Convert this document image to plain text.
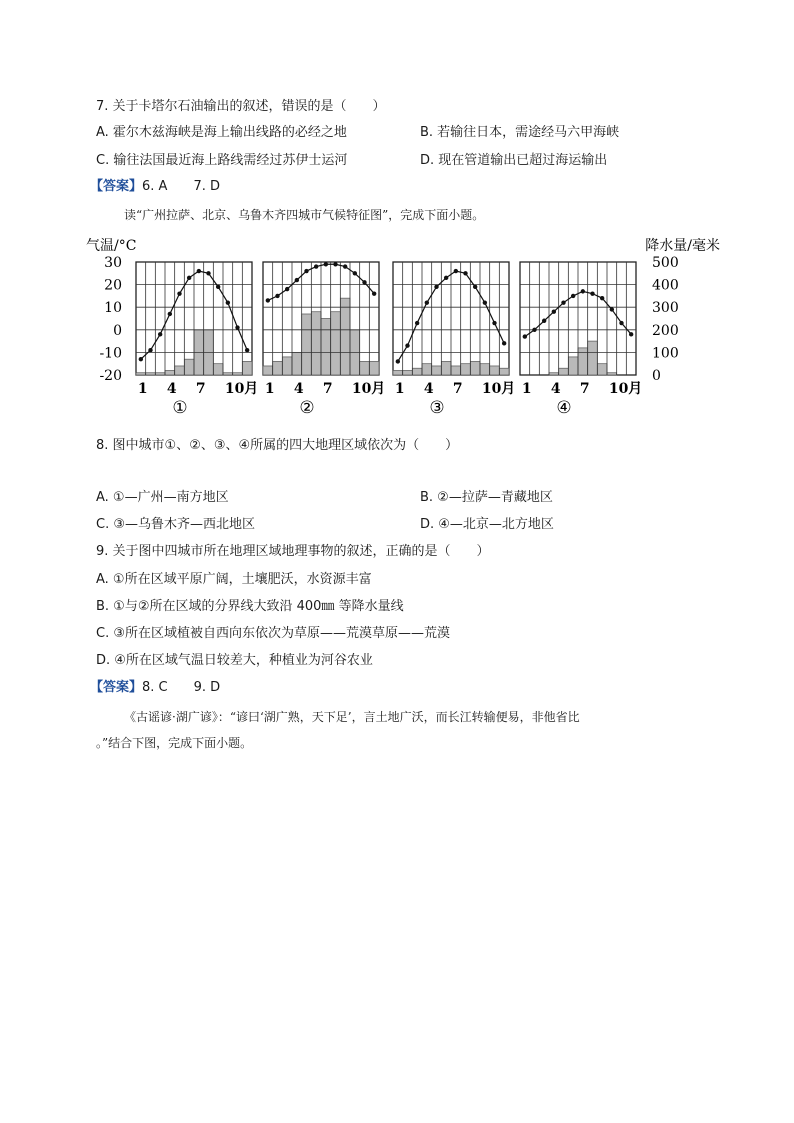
7. 关于卡塔尔石油输出的叙述，错误的是（　　）
A. 霍尔木兹海峡是海上输出线路的必经之地	B. 若输往日本，需途经马六甲海峡
C. 输往法国最近海上路线需经过苏伊士运河	D. 现在管道输出已超过海运输出
【答案】6. A　　7. D
读“广州拉萨、北京、乌鲁木齐四城市气候特征图”，完成下面小题。
气温/°C	降水量/毫米
30
20
10
0
-10
-20
500
400
300
200
100
0
1 4 7 10月
①
1 4 7 10月
②
1 4 7 10月
③
1 4 7 10月
④
8. 图中城市①、②、③、④所属的四大地理区域依次为（　　）
A. ①—广州—南方地区	B. ②—拉萨—青藏地区
C. ③—乌鲁木齐—西北地区	D. ④—北京—北方地区
9. 关于图中四城市所在地理区域地理事物的叙述，正确的是（　　）
A. ①所在区域平原广阔，土壤肥沃，水资源丰富
B. ①与②所在区域的分界线大致沿 400㎜ 等降水量线
C. ③所在区域植被自西向东依次为草原——荒漠草原——荒漠
D. ④所在区域气温日较差大，种植业为河谷农业
【答案】8. C　　9. D
《古谣谚·湖广谚》：“谚曰‘湖广熟，天下足’，言土地广沃，而长江转输便易，非他省比
。”结合下图，完成下面小题。
